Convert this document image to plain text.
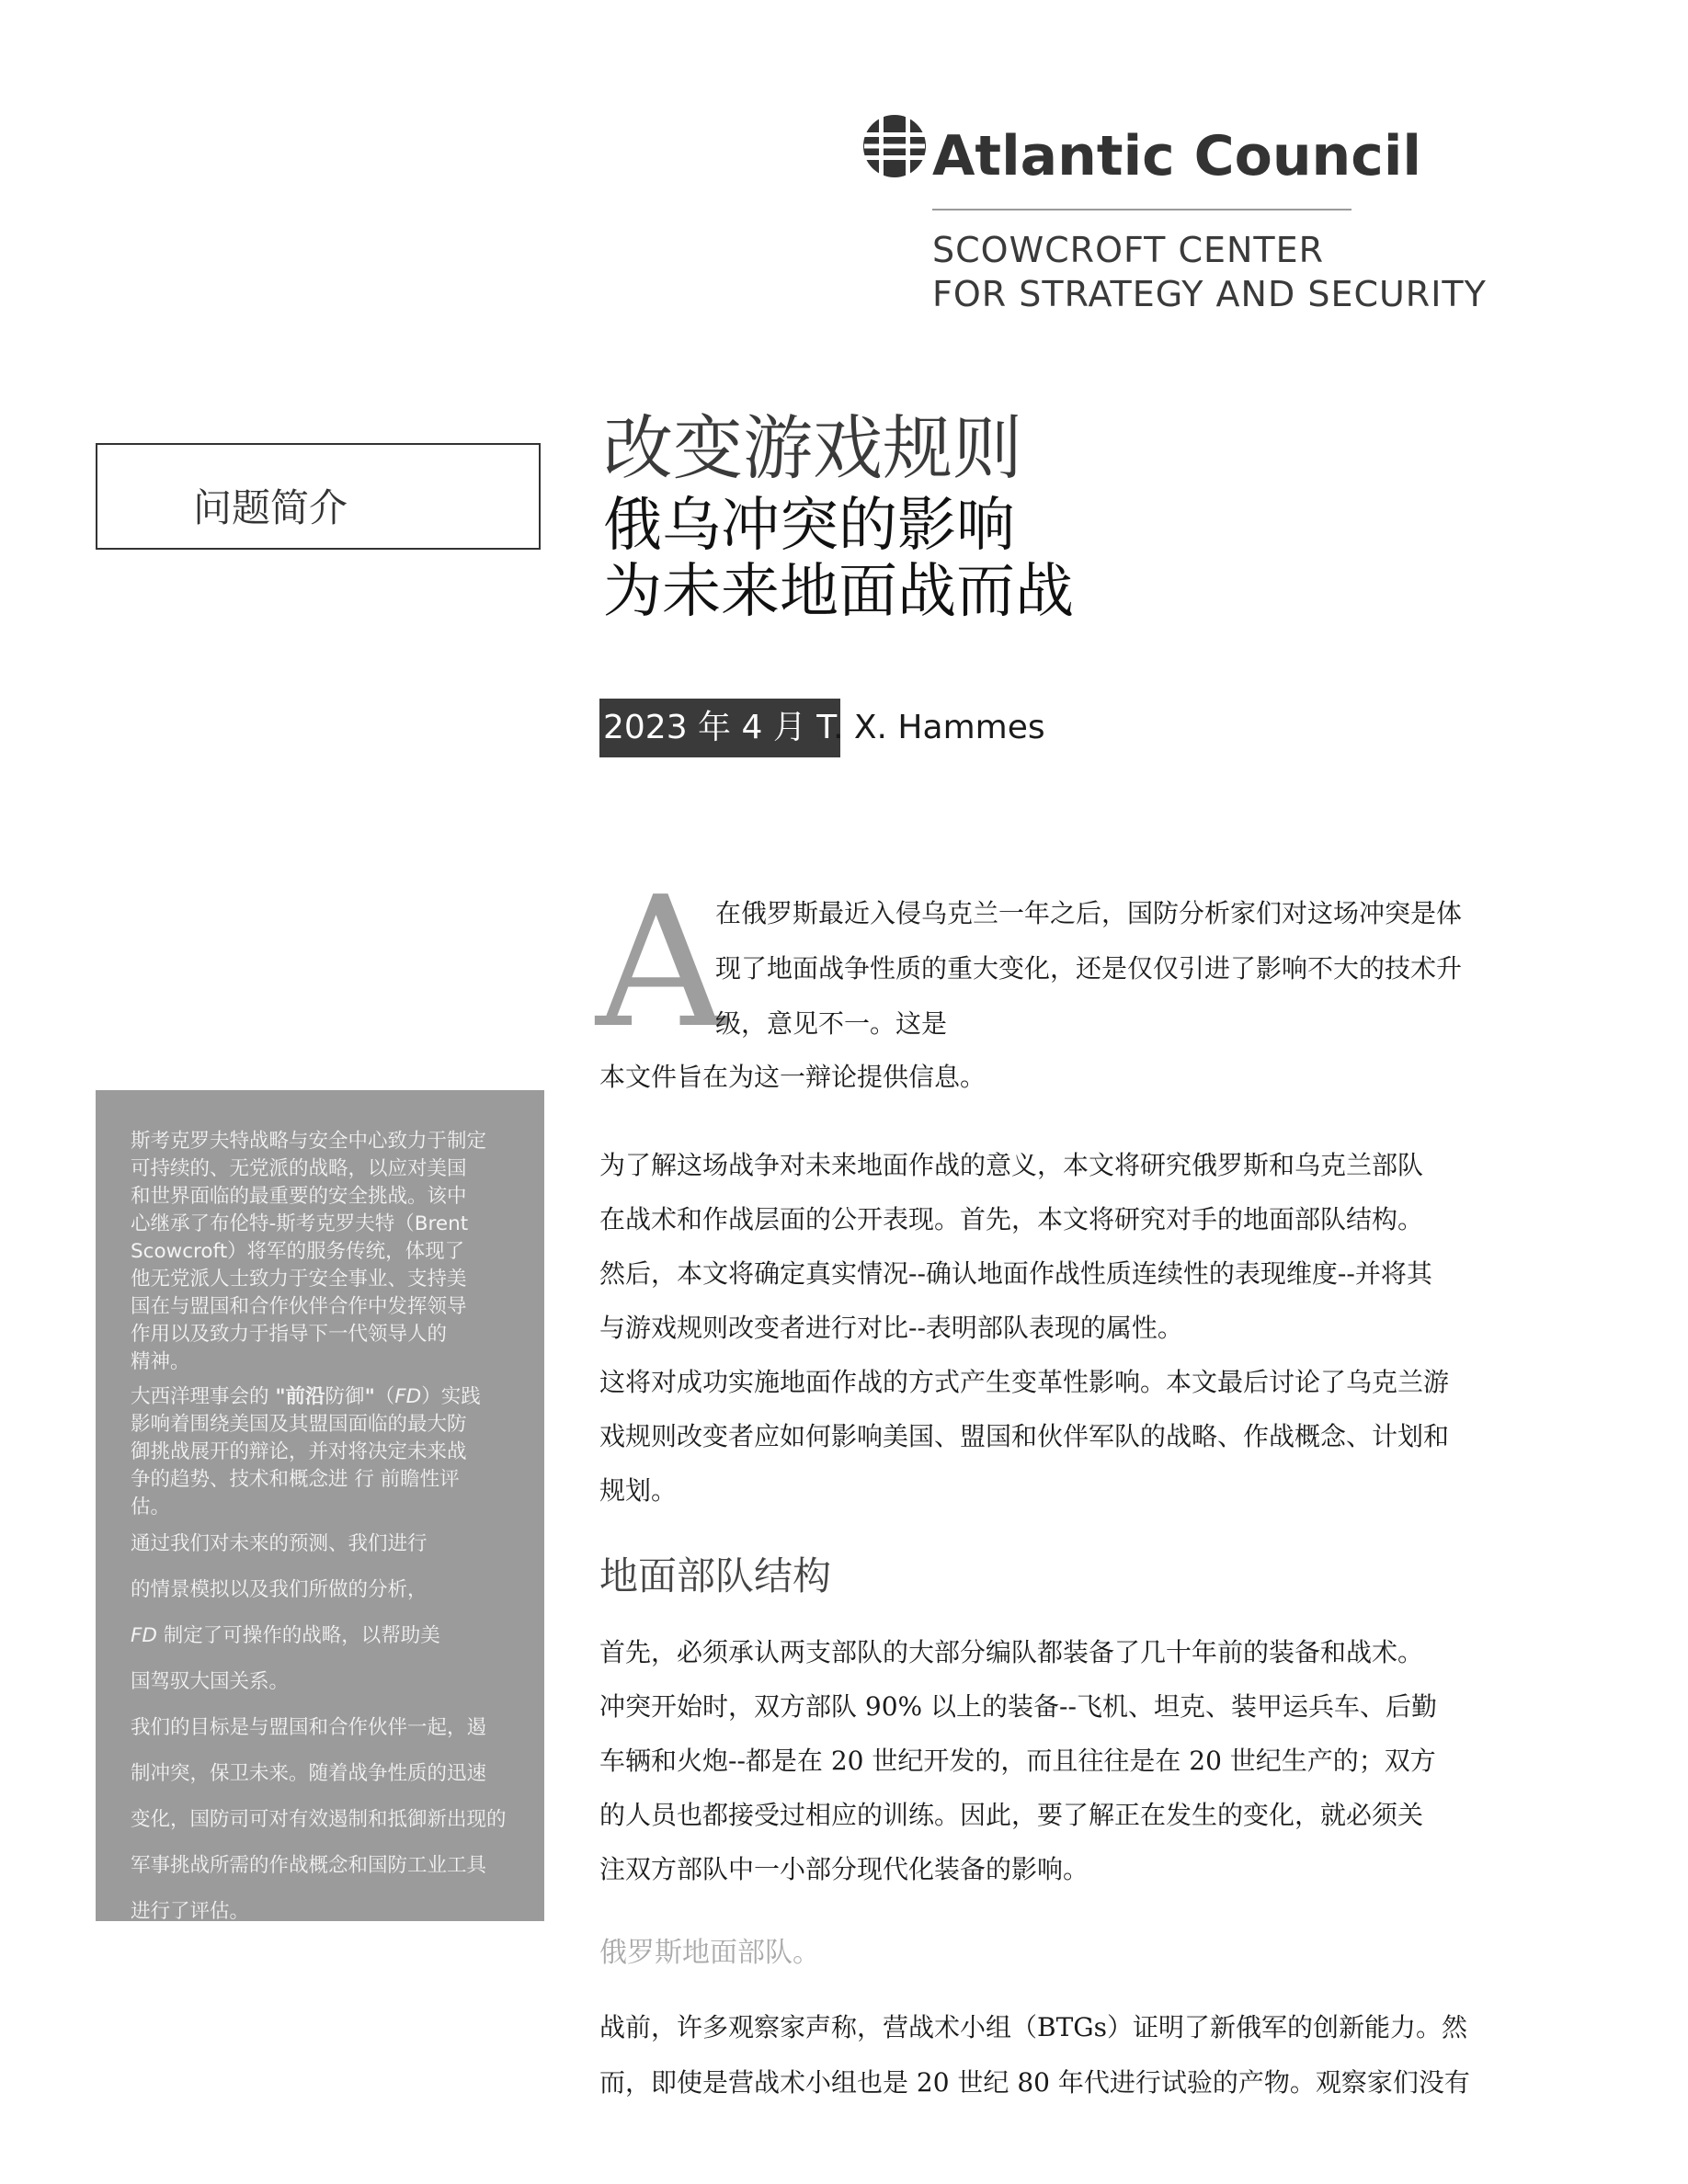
Atlantic Council
SCOWCROFT CENTER
FOR STRATEGY AND SECURITY
问题简介
改变游戏规则
俄乌冲突的影响
为未来地面战而战
2023 年 4 月 T
. X. Hammes
斯考克罗夫特战略与安全中心致力于制定
可持续的、无党派的战略，以应对美国
和世界面临的最重要的安全挑战。该中
心继承了布伦特-斯考克罗夫特（Brent
Scowcroft）将军的服务传统，体现了
他无党派人士致力于安全事业、支持美
国在与盟国和合作伙伴合作中发挥领导
作用以及致力于指导下一代领导人的
精神。
大西洋理事会的 "前沿防御"（FD）实践
影响着围绕美国及其盟国面临的最大防
御挑战展开的辩论，并对将决定未来战
争的趋势、技术和概念进 行 前瞻性评
估。
通过我们对未来的预测、我们进行
的情景模拟以及我们所做的分析，
FD 制定了可操作的战略，以帮助美
国驾驭大国关系。
我们的目标是与盟国和合作伙伴一起，遏
制冲突，保卫未来。随着战争性质的迅速
变化，国防司可对有效遏制和抵御新出现的
军事挑战所需的作战概念和国防工业工具
进行了评估。
A
在俄罗斯最近入侵乌克兰一年之后，国防分析家们对这场冲突是体
现了地面战争性质的重大变化，还是仅仅引进了影响不大的技术升
级，意见不一。这是
本文件旨在为这一辩论提供信息。
为了解这场战争对未来地面作战的意义，本文将研究俄罗斯和乌克兰部队
在战术和作战层面的公开表现。首先，本文将研究对手的地面部队结构。
然后，本文将确定真实情况--确认地面作战性质连续性的表现维度--并将其
与游戏规则改变者进行对比--表明部队表现的属性。
这将对成功实施地面作战的方式产生变革性影响。本文最后讨论了乌克兰游
戏规则改变者应如何影响美国、盟国和伙伴军队的战略、作战概念、计划和
规划。
地面部队结构
首先，必须承认两支部队的大部分编队都装备了几十年前的装备和战术。
冲突开始时，双方部队 90% 以上的装备--飞机、坦克、装甲运兵车、后勤
车辆和火炮--都是在 20 世纪开发的，而且往往是在 20 世纪生产的；双方
的人员也都接受过相应的训练。因此，要了解正在发生的变化，就必须关
注双方部队中一小部分现代化装备的影响。
俄罗斯地面部队。
战前，许多观察家声称，营战术小组（BTGs）证明了新俄军的创新能力。然
而，即使是营战术小组也是 20 世纪 80 年代进行试验的产物。观察家们没有
